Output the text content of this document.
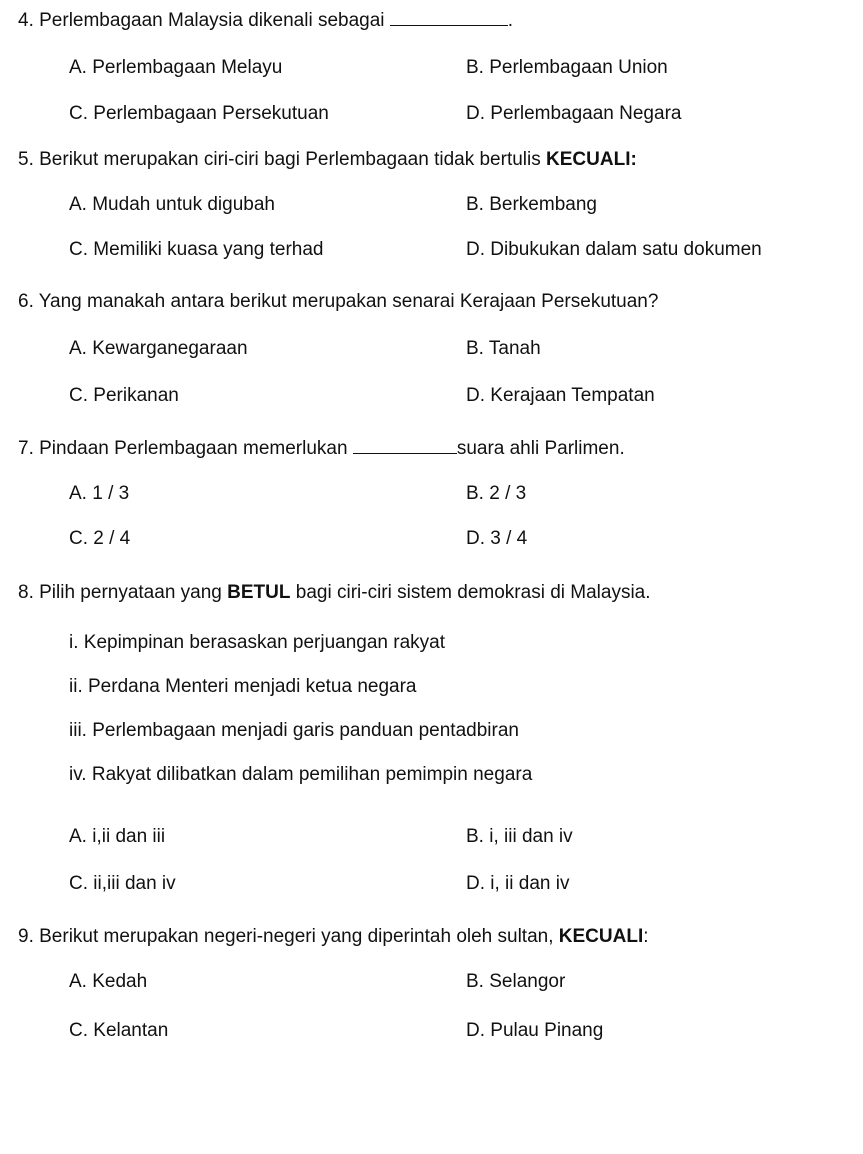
4. Perlembagaan Malaysia dikenali sebagai	.
A. Perlembagaan Melayu	B. Perlembagaan Union
C. Perlembagaan Persekutuan	D. Perlembagaan Negara
5. Berikut merupakan ciri-ciri bagi Perlembagaan tidak bertulis KECUALI:
A. Mudah untuk digubah	B. Berkembang
C. Memiliki kuasa yang terhad	D. Dibukukan dalam satu dokumen
6. Yang manakah antara berikut merupakan senarai Kerajaan Persekutuan?
A. Kewarganegaraan	B. Tanah
C. Perikanan	D. Kerajaan Tempatan
7. Pindaan Perlembagaan memerlukan	suara ahli Parlimen.
A. 1 / 3	B. 2 / 3
C. 2 / 4	D. 3 / 4
8. Pilih pernyataan yang BETUL bagi ciri-ciri sistem demokrasi di Malaysia.
i. Kepimpinan berasaskan perjuangan rakyat
ii. Perdana Menteri menjadi ketua negara
iii. Perlembagaan menjadi garis panduan pentadbiran
iv. Rakyat dilibatkan dalam pemilihan pemimpin negara
A. i,ii dan iii	B. i, iii dan iv
C. ii,iii dan iv	D. i, ii dan iv
9. Berikut merupakan negeri-negeri yang diperintah oleh sultan, KECUALI:
A. Kedah	B. Selangor
C. Kelantan	D. Pulau Pinang
